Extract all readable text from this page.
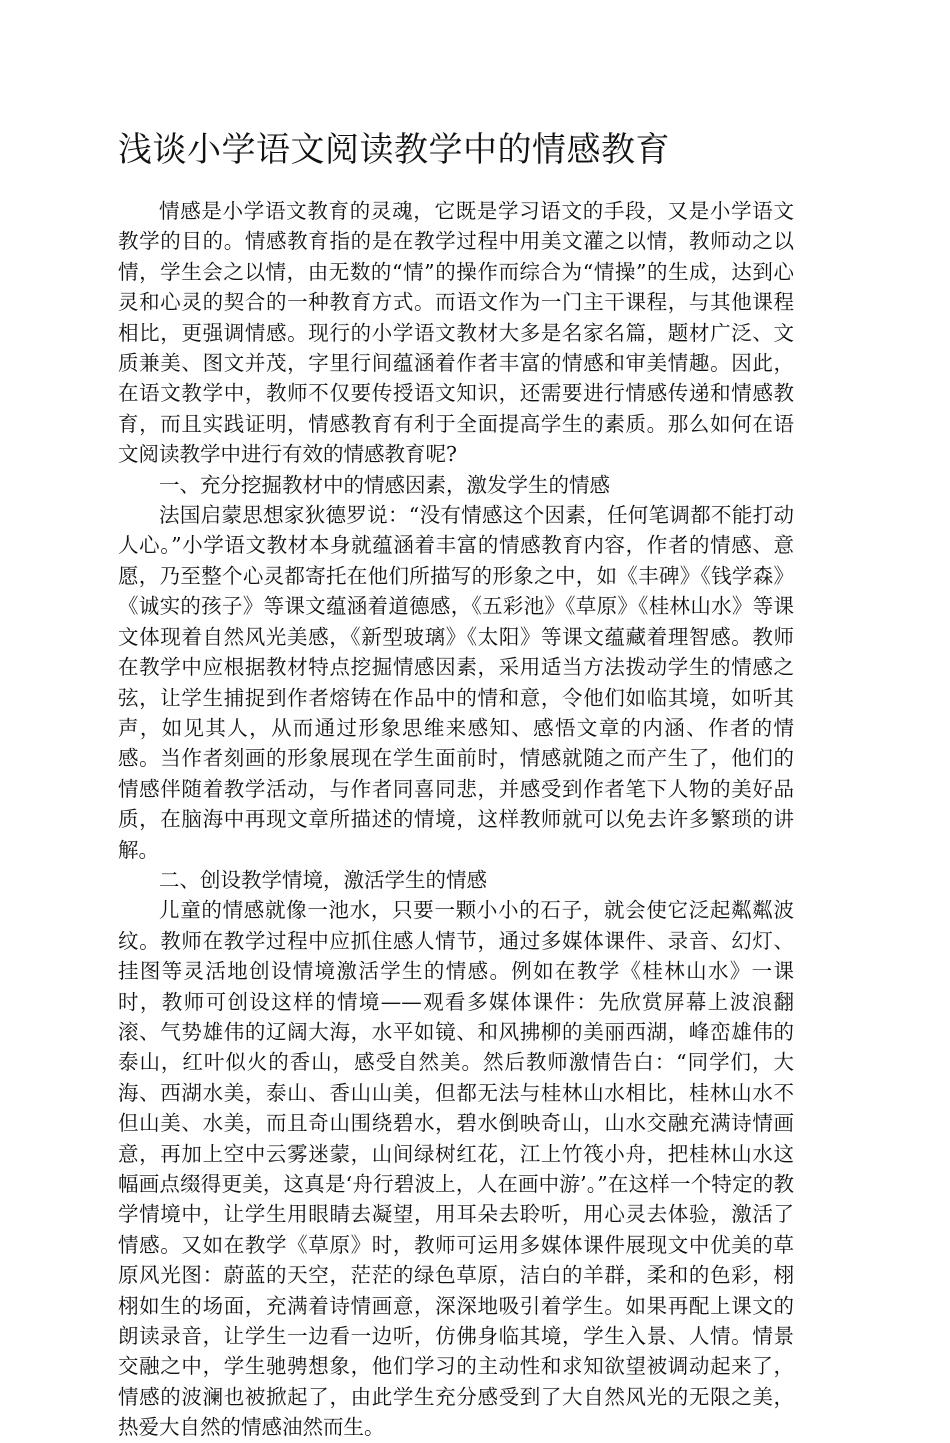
浅谈小学语文阅读教学中的情感教育

情感是小学语文教育的灵魂，它既是学习语文的手段，又是小学语文教学的目的。情感教育指的是在教学过程中用美文灌之以情，教师动之以情，学生会之以情，由无数的“情”的操作而综合为“情操”的生成，达到心灵和心灵的契合的一种教育方式。而语文作为一门主干课程，与其他课程相比，更强调情感。现行的小学语文教材大多是名家名篇，题材广泛、文质兼美、图文并茂，字里行间蕴涵着作者丰富的情感和审美情趣。因此，在语文教学中，教师不仅要传授语文知识，还需要进行情感传递和情感教育，而且实践证明，情感教育有利于全面提高学生的素质。那么如何在语文阅读教学中进行有效的情感教育呢?

一、充分挖掘教材中的情感因素，激发学生的情感

法国启蒙思想家狄德罗说：“没有情感这个因素，任何笔调都不能打动人心。”小学语文教材本身就蕴涵着丰富的情感教育内容，作者的情感、意愿，乃至整个心灵都寄托在他们所描写的形象之中，如《丰碑》《钱学森》《诚实的孩子》等课文蕴涵着道德感，《五彩池》《草原》《桂林山水》等课文体现着自然风光美感，《新型玻璃》《太阳》等课文蕴藏着理智感。教师在教学中应根据教材特点挖掘情感因素，采用适当方法拨动学生的情感之弦，让学生捕捉到作者熔铸在作品中的情和意，令他们如临其境，如听其声，如见其人，从而通过形象思维来感知、感悟文章的内涵、作者的情感。当作者刻画的形象展现在学生面前时，情感就随之而产生了，他们的情感伴随着教学活动，与作者同喜同悲，并感受到作者笔下人物的美好品质，在脑海中再现文章所描述的情境，这样教师就可以免去许多繁琐的讲解。

二、创设教学情境，激活学生的情感

儿童的情感就像一池水，只要一颗小小的石子，就会使它泛起粼粼波纹。教师在教学过程中应抓住感人情节，通过多媒体课件、录音、幻灯、挂图等灵活地创设情境激活学生的情感。例如在教学《桂林山水》一课时，教师可创设这样的情境——观看多媒体课件：先欣赏屏幕上波浪翻滚、气势雄伟的辽阔大海，水平如镜、和风拂柳的美丽西湖，峰峦雄伟的泰山，红叶似火的香山，感受自然美。然后教师激情告白：“同学们，大海、西湖水美，泰山、香山山美，但都无法与桂林山水相比，桂林山水不但山美、水美，而且奇山围绕碧水，碧水倒映奇山，山水交融充满诗情画意，再加上空中云雾迷蒙，山间绿树红花，江上竹筏小舟，把桂林山水这幅画点缀得更美，这真是‘舟行碧波上，人在画中游’。”在这样一个特定的教学情境中，让学生用眼睛去凝望，用耳朵去聆听，用心灵去体验，激活了情感。又如在教学《草原》时，教师可运用多媒体课件展现文中优美的草原风光图：蔚蓝的天空，茫茫的绿色草原，洁白的羊群，柔和的色彩，栩栩如生的场面，充满着诗情画意，深深地吸引着学生。如果再配上课文的朗读录音，让学生一边看一边听，仿佛身临其境，学生入景、人情。情景交融之中，学生驰骋想象，他们学习的主动性和求知欲望被调动起来了，情感的波澜也被掀起了，由此学生充分感受到了大自然风光的无限之美，热爱大自然的情感油然而生。
